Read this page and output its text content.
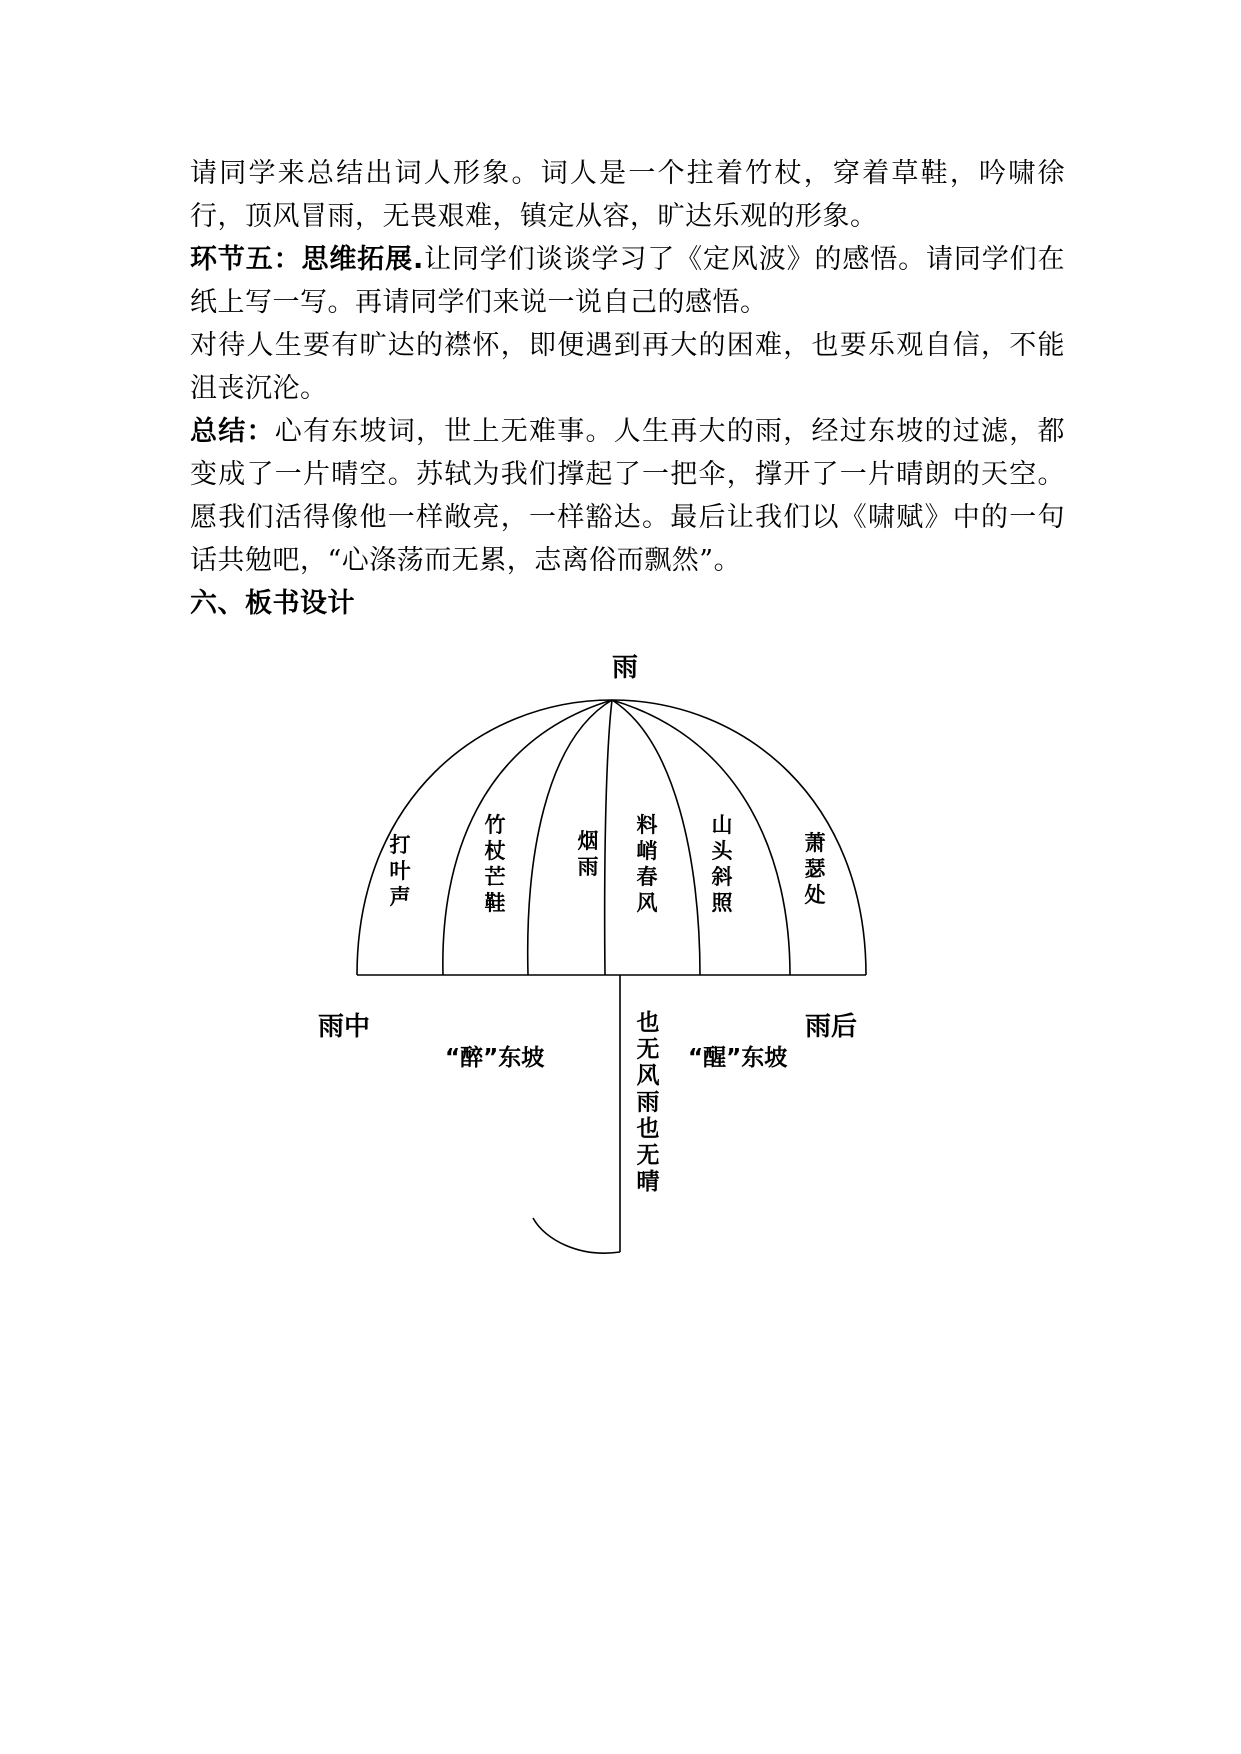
请同学来总结出词人形象。词人是一个拄着竹杖，穿着草鞋，吟啸徐行，顶风冒雨，无畏艰难，镇定从容，旷达乐观的形象。

环节五：思维拓展.让同学们谈谈学习了《定风波》的感悟。请同学们在纸上写一写。再请同学们来说一说自己的感悟。

对待人生要有旷达的襟怀，即便遇到再大的困难，也要乐观自信，不能沮丧沉沦。

总结：心有东坡词，世上无难事。人生再大的雨，经过东坡的过滤，都变成了一片晴空。苏轼为我们撑起了一把伞，撑开了一片晴朗的天空。愿我们活得像他一样敞亮，一样豁达。最后让我们以《啸赋》中的一句话共勉吧，“心涤荡而无累，志离俗而飘然”。

六、板书设计

雨
打叶声
竹杖芒鞋
烟雨
料峭春风
山头斜照
萧瑟处
雨中	雨后
“醉”东坡	“醒”东坡
也无风雨也无晴
